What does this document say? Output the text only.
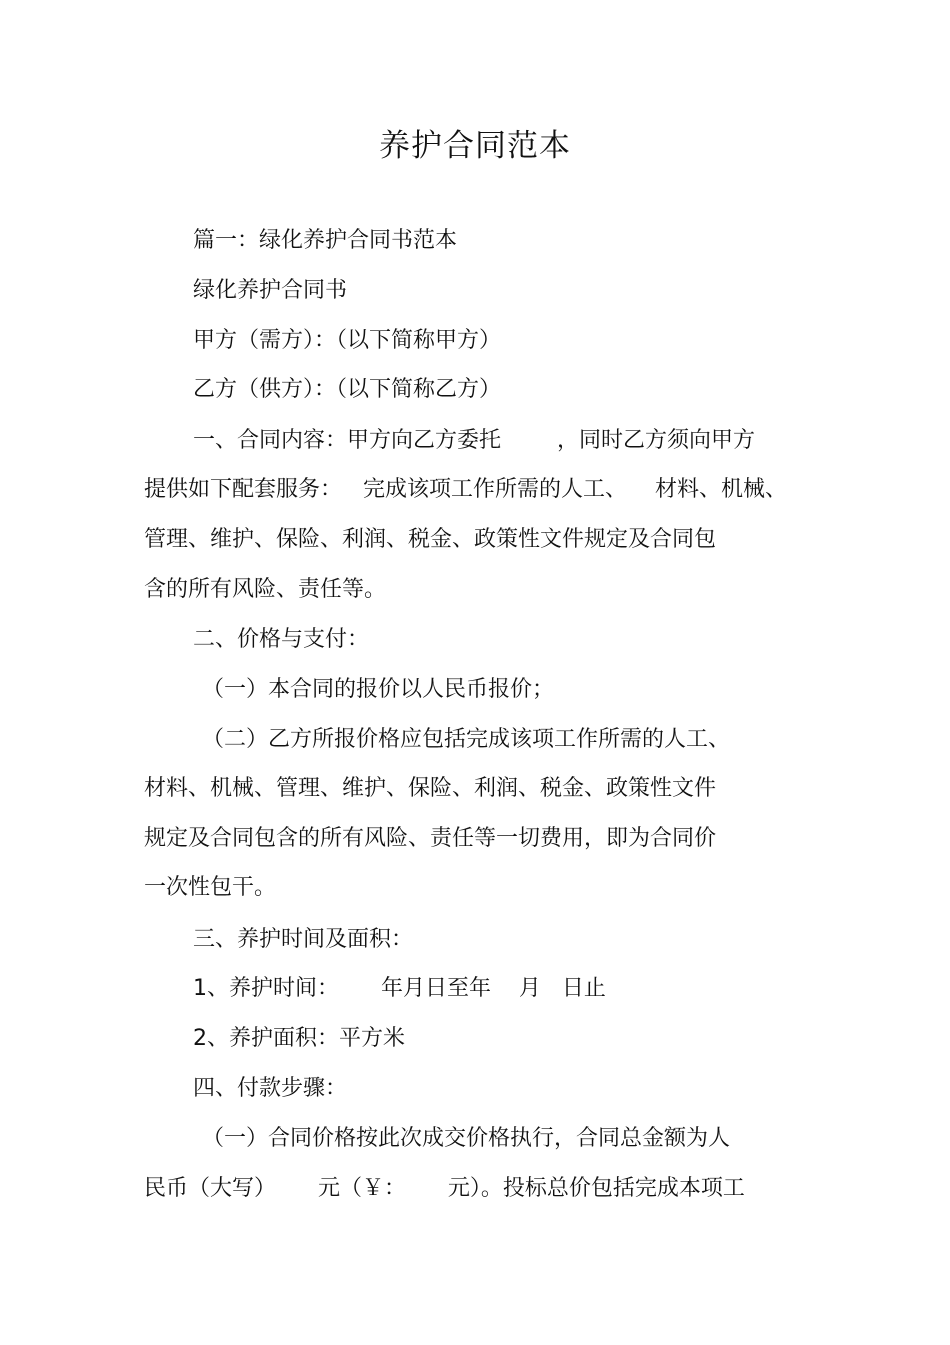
养护合同范本
篇一：绿化养护合同书范本
绿化养护合同书
甲方（需方）：（以下简称甲方）
乙方（供方）：（以下简称乙方）
一、合同内容：甲方向乙方委托        ，同时乙方须向甲方
提供如下配套服务：   完成该项工作所需的人工、    材料、机械、
管理、维护、保险、利润、税金、政策性文件规定及合同包
含的所有风险、责任等。
二、价格与支付：
（一）本合同的报价以人民币报价；
（二）乙方所报价格应包括完成该项工作所需的人工、
材料、机械、管理、维护、保险、利润、税金、政策性文件
规定及合同包含的所有风险、责任等一切费用，即为合同价
一次性包干。
三、养护时间及面积：
1、养护时间：      年月日至年    月   日止
2、养护面积：平方米
四、付款步骤：
（一）合同价格按此次成交价格执行，合同总金额为人
民币（大写）      元（￥：      元）。投标总价包括完成本项工
